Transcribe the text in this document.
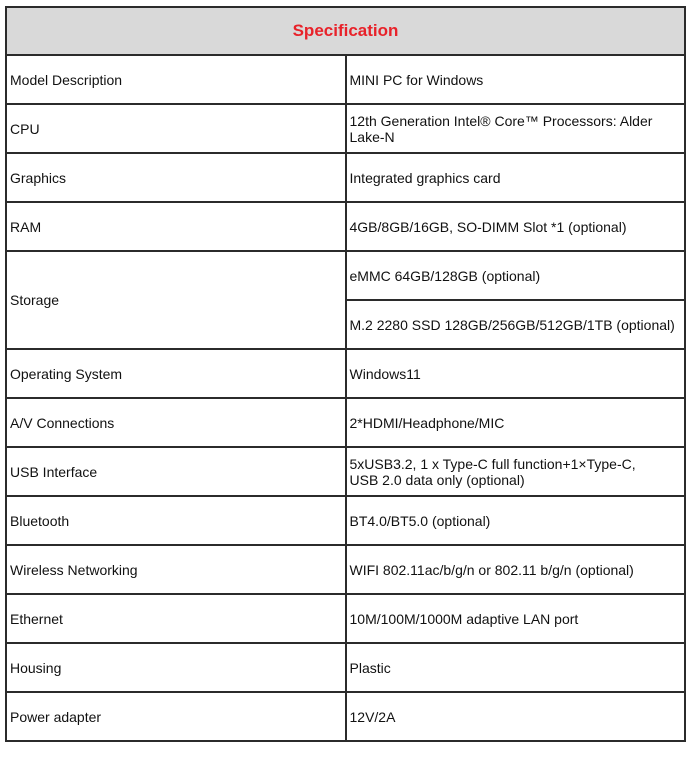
Specification	
Model Description	MINI PC for Windows
CPU	12th Generation Intel® Core™ Processors: Alder Lake-N
Graphics	Integrated graphics card
RAM	4GB/8GB/16GB, SO-DIMM Slot *1 (optional)
Storage	eMMC 64GB/128GB (optional)
	M.2 2280 SSD 128GB/256GB/512GB/1TB (optional)
Operating System	Windows11
A/V Connections	2*HDMI/Headphone/MIC
USB Interface	5xUSB3.2, 1 x Type-C full function+1×Type-C,
USB 2.0 data only (optional)

Bluetooth	BT4.0/BT5.0 (optional)
Wireless Networking	WIFI 802.11ac/b/g/n or 802.11 b/g/n (optional)
Ethernet	10M/100M/1000M adaptive LAN port
Housing	Plastic
Power adapter	12V/2A
